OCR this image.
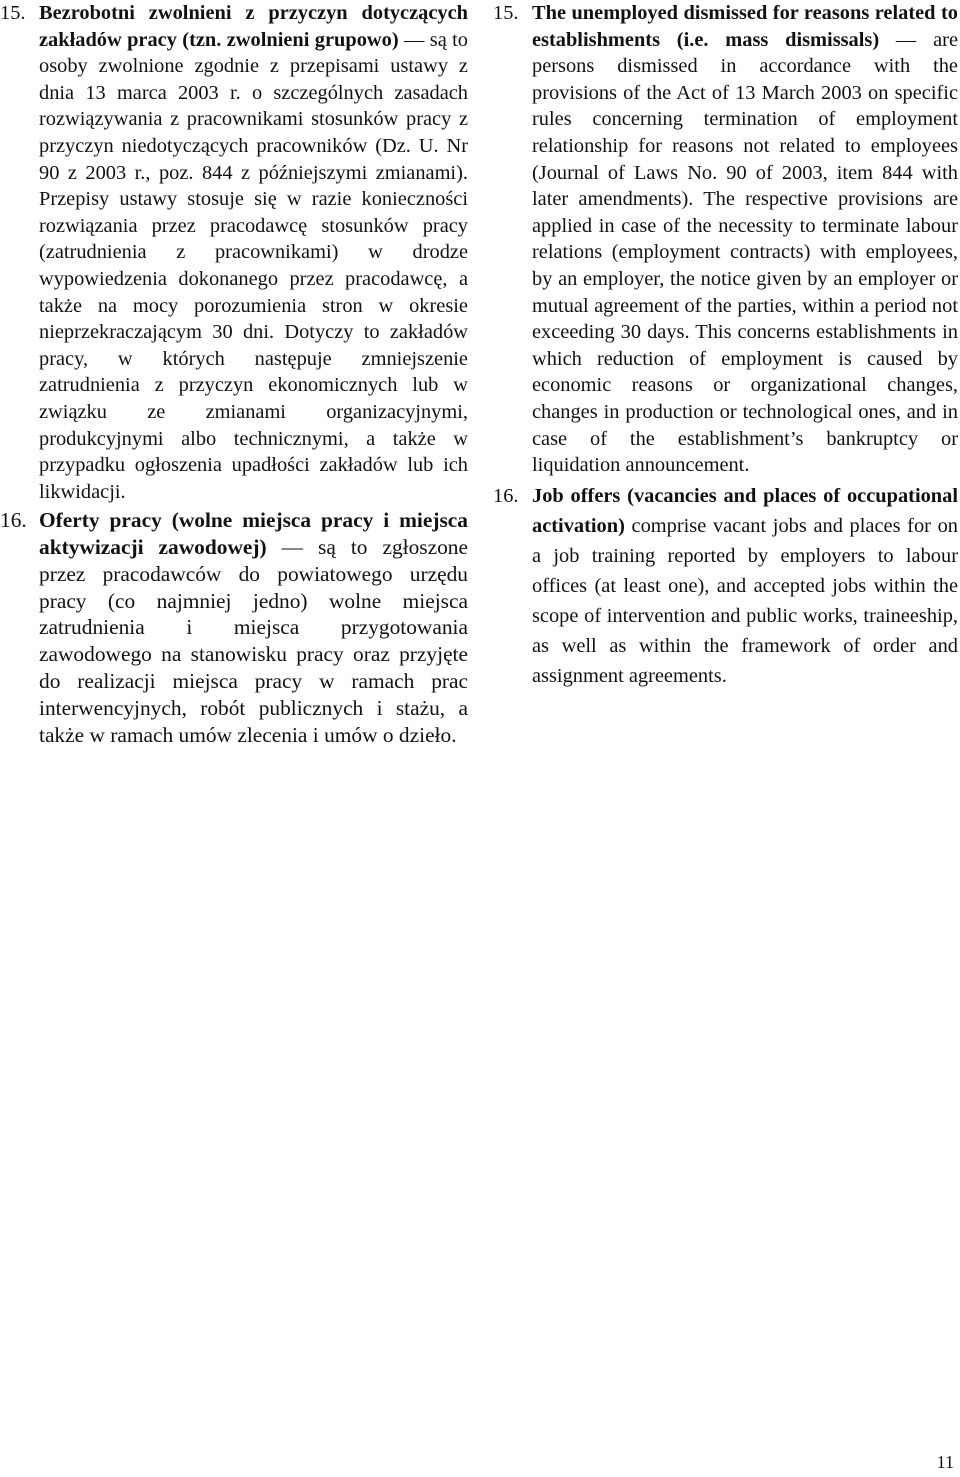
15. Bezrobotni zwolnieni z przyczyn dotyczących zakładów pracy (tzn. zwolnieni grupowo) — są to osoby zwolnione zgodnie z przepisami ustawy z dnia 13 marca 2003 r. o szczególnych zasadach rozwiązywania z pracownikami stosunków pracy z przyczyn niedotyczących pracowników (Dz. U. Nr 90 z 2003 r., poz. 844 z późniejszymi zmianami). Przepisy ustawy stosuje się w razie konieczności rozwiązania przez pracodawcę stosunków pracy (zatrudnienia z pracownikami) w drodze wypowiedzenia dokonanego przez pracodawcę, a także na mocy porozumienia stron w okresie nieprzekraczającym 30 dni. Dotyczy to zakładów pracy, w których następuje zmniejszenie zatrudnienia z przyczyn ekonomicznych lub w związku ze zmianami organizacyjnymi, produkcyjnymi albo technicznymi, a także w przypadku ogłoszenia upadłości zakładów lub ich likwidacji.
16. Oferty pracy (wolne miejsca pracy i miejsca aktywizacji zawodowej) — są to zgłoszone przez pracodawców do powiatowego urzędu pracy (co najmniej jedno) wolne miejsca zatrudnienia i miejsca przygotowania zawodowego na stanowisku pracy oraz przyjęte do realizacji miejsca pracy w ramach prac interwencyjnych, robót publicznych i stażu, a także w ramach umów zlecenia i umów o dzieło.
15. The unemployed dismissed for reasons related to establishments (i.e. mass dismissals) — are persons dismissed in accordance with the provisions of the Act of 13 March 2003 on specific rules concerning termination of employment relationship for reasons not related to employees (Journal of Laws No. 90 of 2003, item 844 with later amendments). The respective provisions are applied in case of the necessity to terminate labour relations (employment contracts) with employees, by an employer, the notice given by an employer or mutual agreement of the parties, within a period not exceeding 30 days. This concerns establishments in which reduction of employment is caused by economic reasons or organizational changes, changes in production or technological ones, and in case of the establishment’s bankruptcy or liquidation announcement.
16. Job offers (vacancies and places of occupational activation) comprise vacant jobs and places for on a job training reported by employers to labour offices (at least one), and accepted jobs within the scope of intervention and public works, traineeship, as well as within the framework of order and assignment agreements.
11
